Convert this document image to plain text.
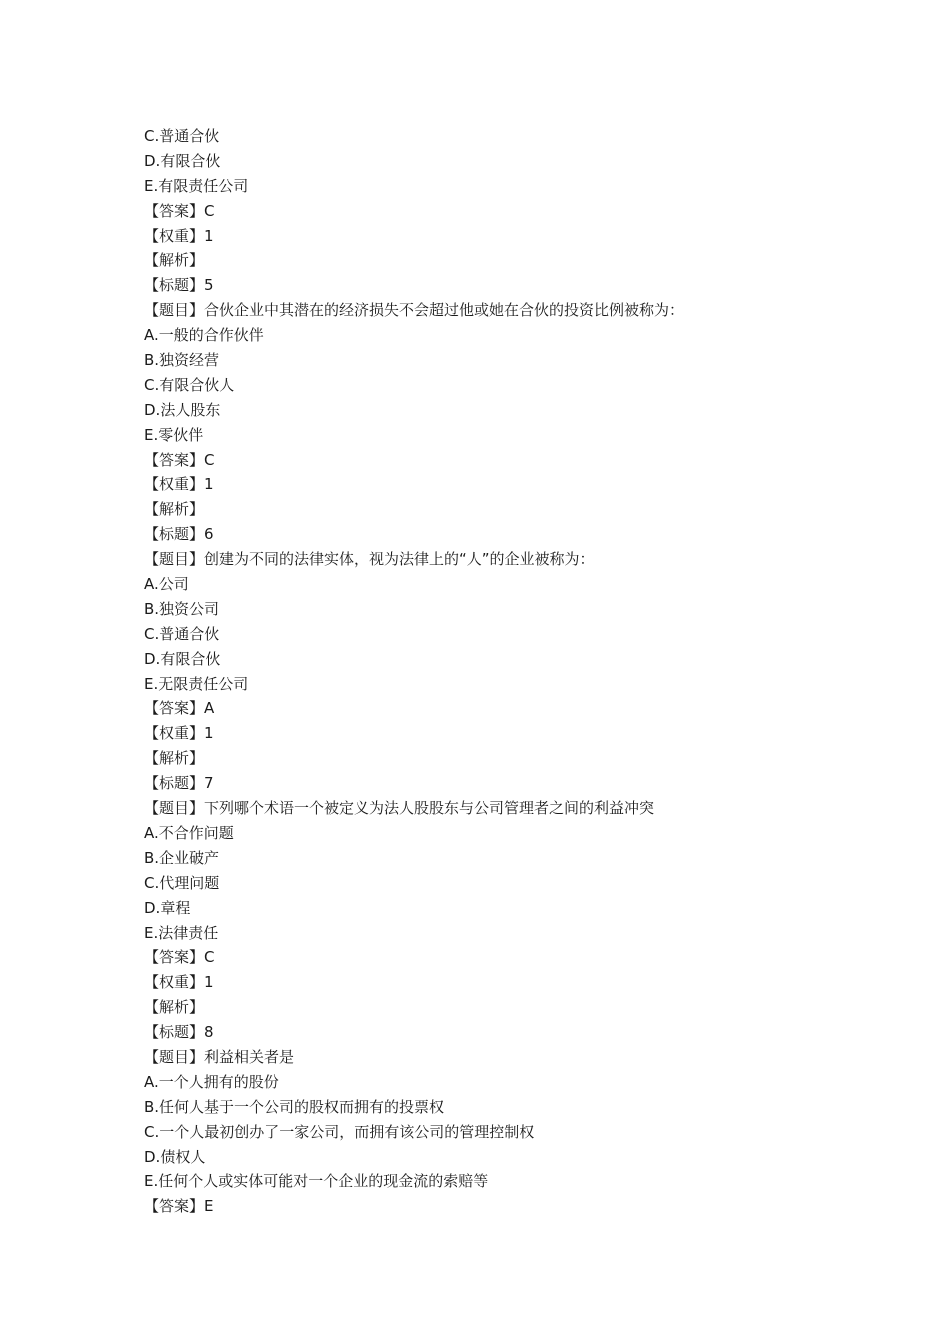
C.普通合伙
D.有限合伙
E.有限责任公司
【答案】C
【权重】1
【解析】
【标题】5
【题目】合伙企业中其潜在的经济损失不会超过他或她在合伙的投资比例被称为：
A.一般的合作伙伴
B.独资经营
C.有限合伙人
D.法人股东
E.零伙伴
【答案】C
【权重】1
【解析】
【标题】6
【题目】创建为不同的法律实体，视为法律上的“人”的企业被称为：
A.公司
B.独资公司
C.普通合伙
D.有限合伙
E.无限责任公司
【答案】A
【权重】1
【解析】
【标题】7
【题目】下列哪个术语一个被定义为法人股股东与公司管理者之间的利益冲突
A.不合作问题
B.企业破产
C.代理问题
D.章程
E.法律责任
【答案】C
【权重】1
【解析】
【标题】8
【题目】利益相关者是
A.一个人拥有的股份
B.任何人基于一个公司的股权而拥有的投票权
C.一个人最初创办了一家公司，而拥有该公司的管理控制权
D.债权人
E.任何个人或实体可能对一个企业的现金流的索赔等
【答案】E
